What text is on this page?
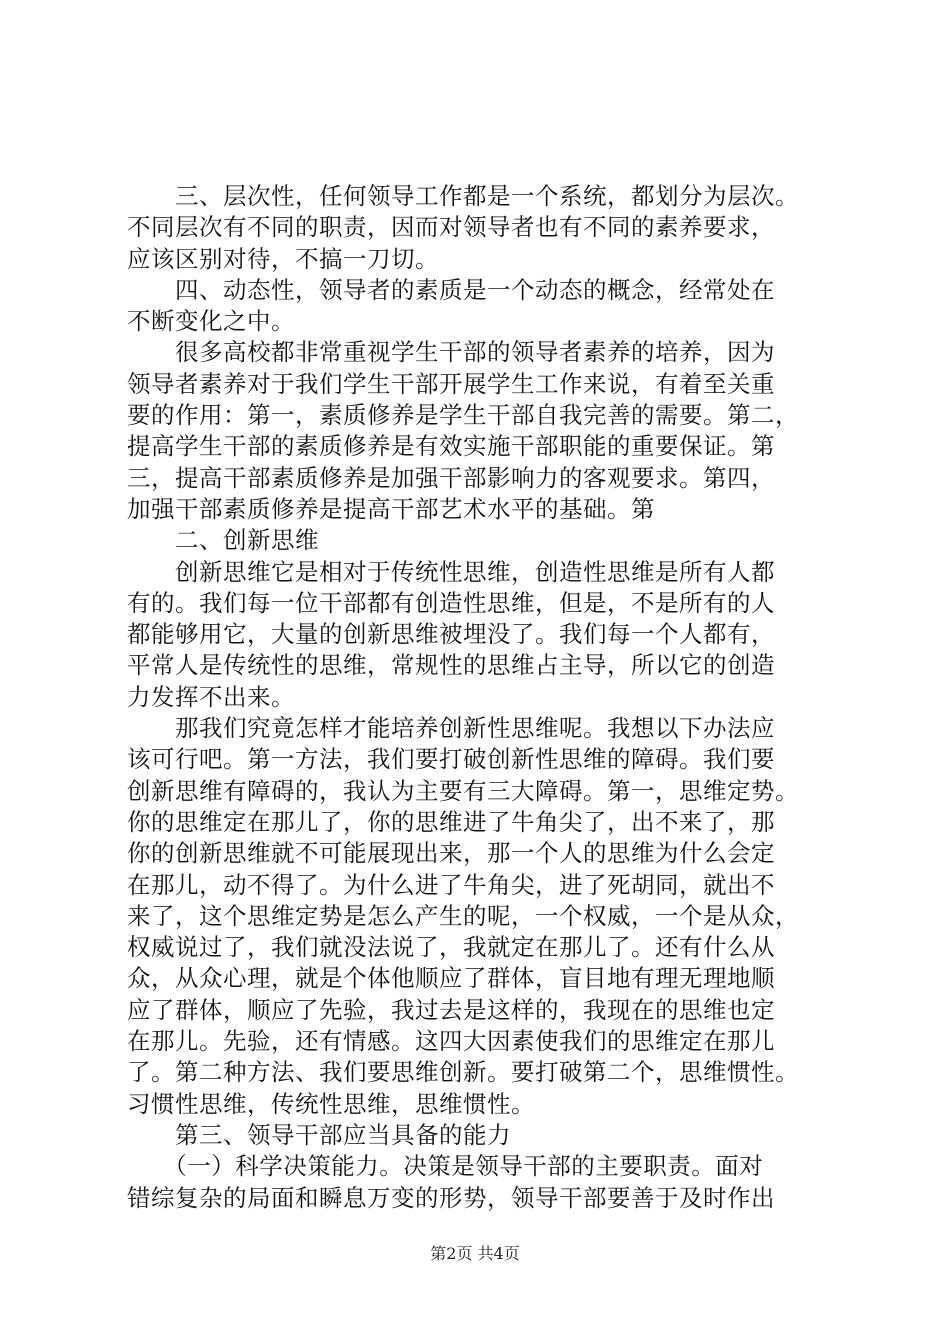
　　三、层次性，任何领导工作都是一个系统，都划分为层次。
不同层次有不同的职责，因而对领导者也有不同的素养要求，
应该区别对待，不搞一刀切。
　　四、动态性，领导者的素质是一个动态的概念，经常处在
不断变化之中。
　　很多高校都非常重视学生干部的领导者素养的培养，因为
领导者素养对于我们学生干部开展学生工作来说，有着至关重
要的作用：第一，素质修养是学生干部自我完善的需要。第二，
提高学生干部的素质修养是有效实施干部职能的重要保证。第
三，提高干部素质修养是加强干部影响力的客观要求。第四，
加强干部素质修养是提高干部艺术水平的基础。第
　　二、创新思维
　　创新思维它是相对于传统性思维，创造性思维是所有人都
有的。我们每一位干部都有创造性思维，但是，不是所有的人
都能够用它，大量的创新思维被埋没了。我们每一个人都有，
平常人是传统性的思维，常规性的思维占主导，所以它的创造
力发挥不出来。
　　那我们究竟怎样才能培养创新性思维呢。我想以下办法应
该可行吧。第一方法，我们要打破创新性思维的障碍。我们要
创新思维有障碍的，我认为主要有三大障碍。第一，思维定势。
你的思维定在那儿了，你的思维进了牛角尖了，出不来了，那
你的创新思维就不可能展现出来，那一个人的思维为什么会定
在那儿，动不得了。为什么进了牛角尖，进了死胡同，就出不
来了，这个思维定势是怎么产生的呢，一个权威，一个是从众，
权威说过了，我们就没法说了，我就定在那儿了。还有什么从
众，从众心理，就是个体他顺应了群体，盲目地有理无理地顺
应了群体，顺应了先验，我过去是这样的，我现在的思维也定
在那儿。先验，还有情感。这四大因素使我们的思维定在那儿
了。第二种方法、我们要思维创新。要打破第二个，思维惯性。
习惯性思维，传统性思维，思维惯性。
　　第三、领导干部应当具备的能力
　　（一）科学决策能力。决策是领导干部的主要职责。面对
错综复杂的局面和瞬息万变的形势，领导干部要善于及时作出
第2页 共4页
